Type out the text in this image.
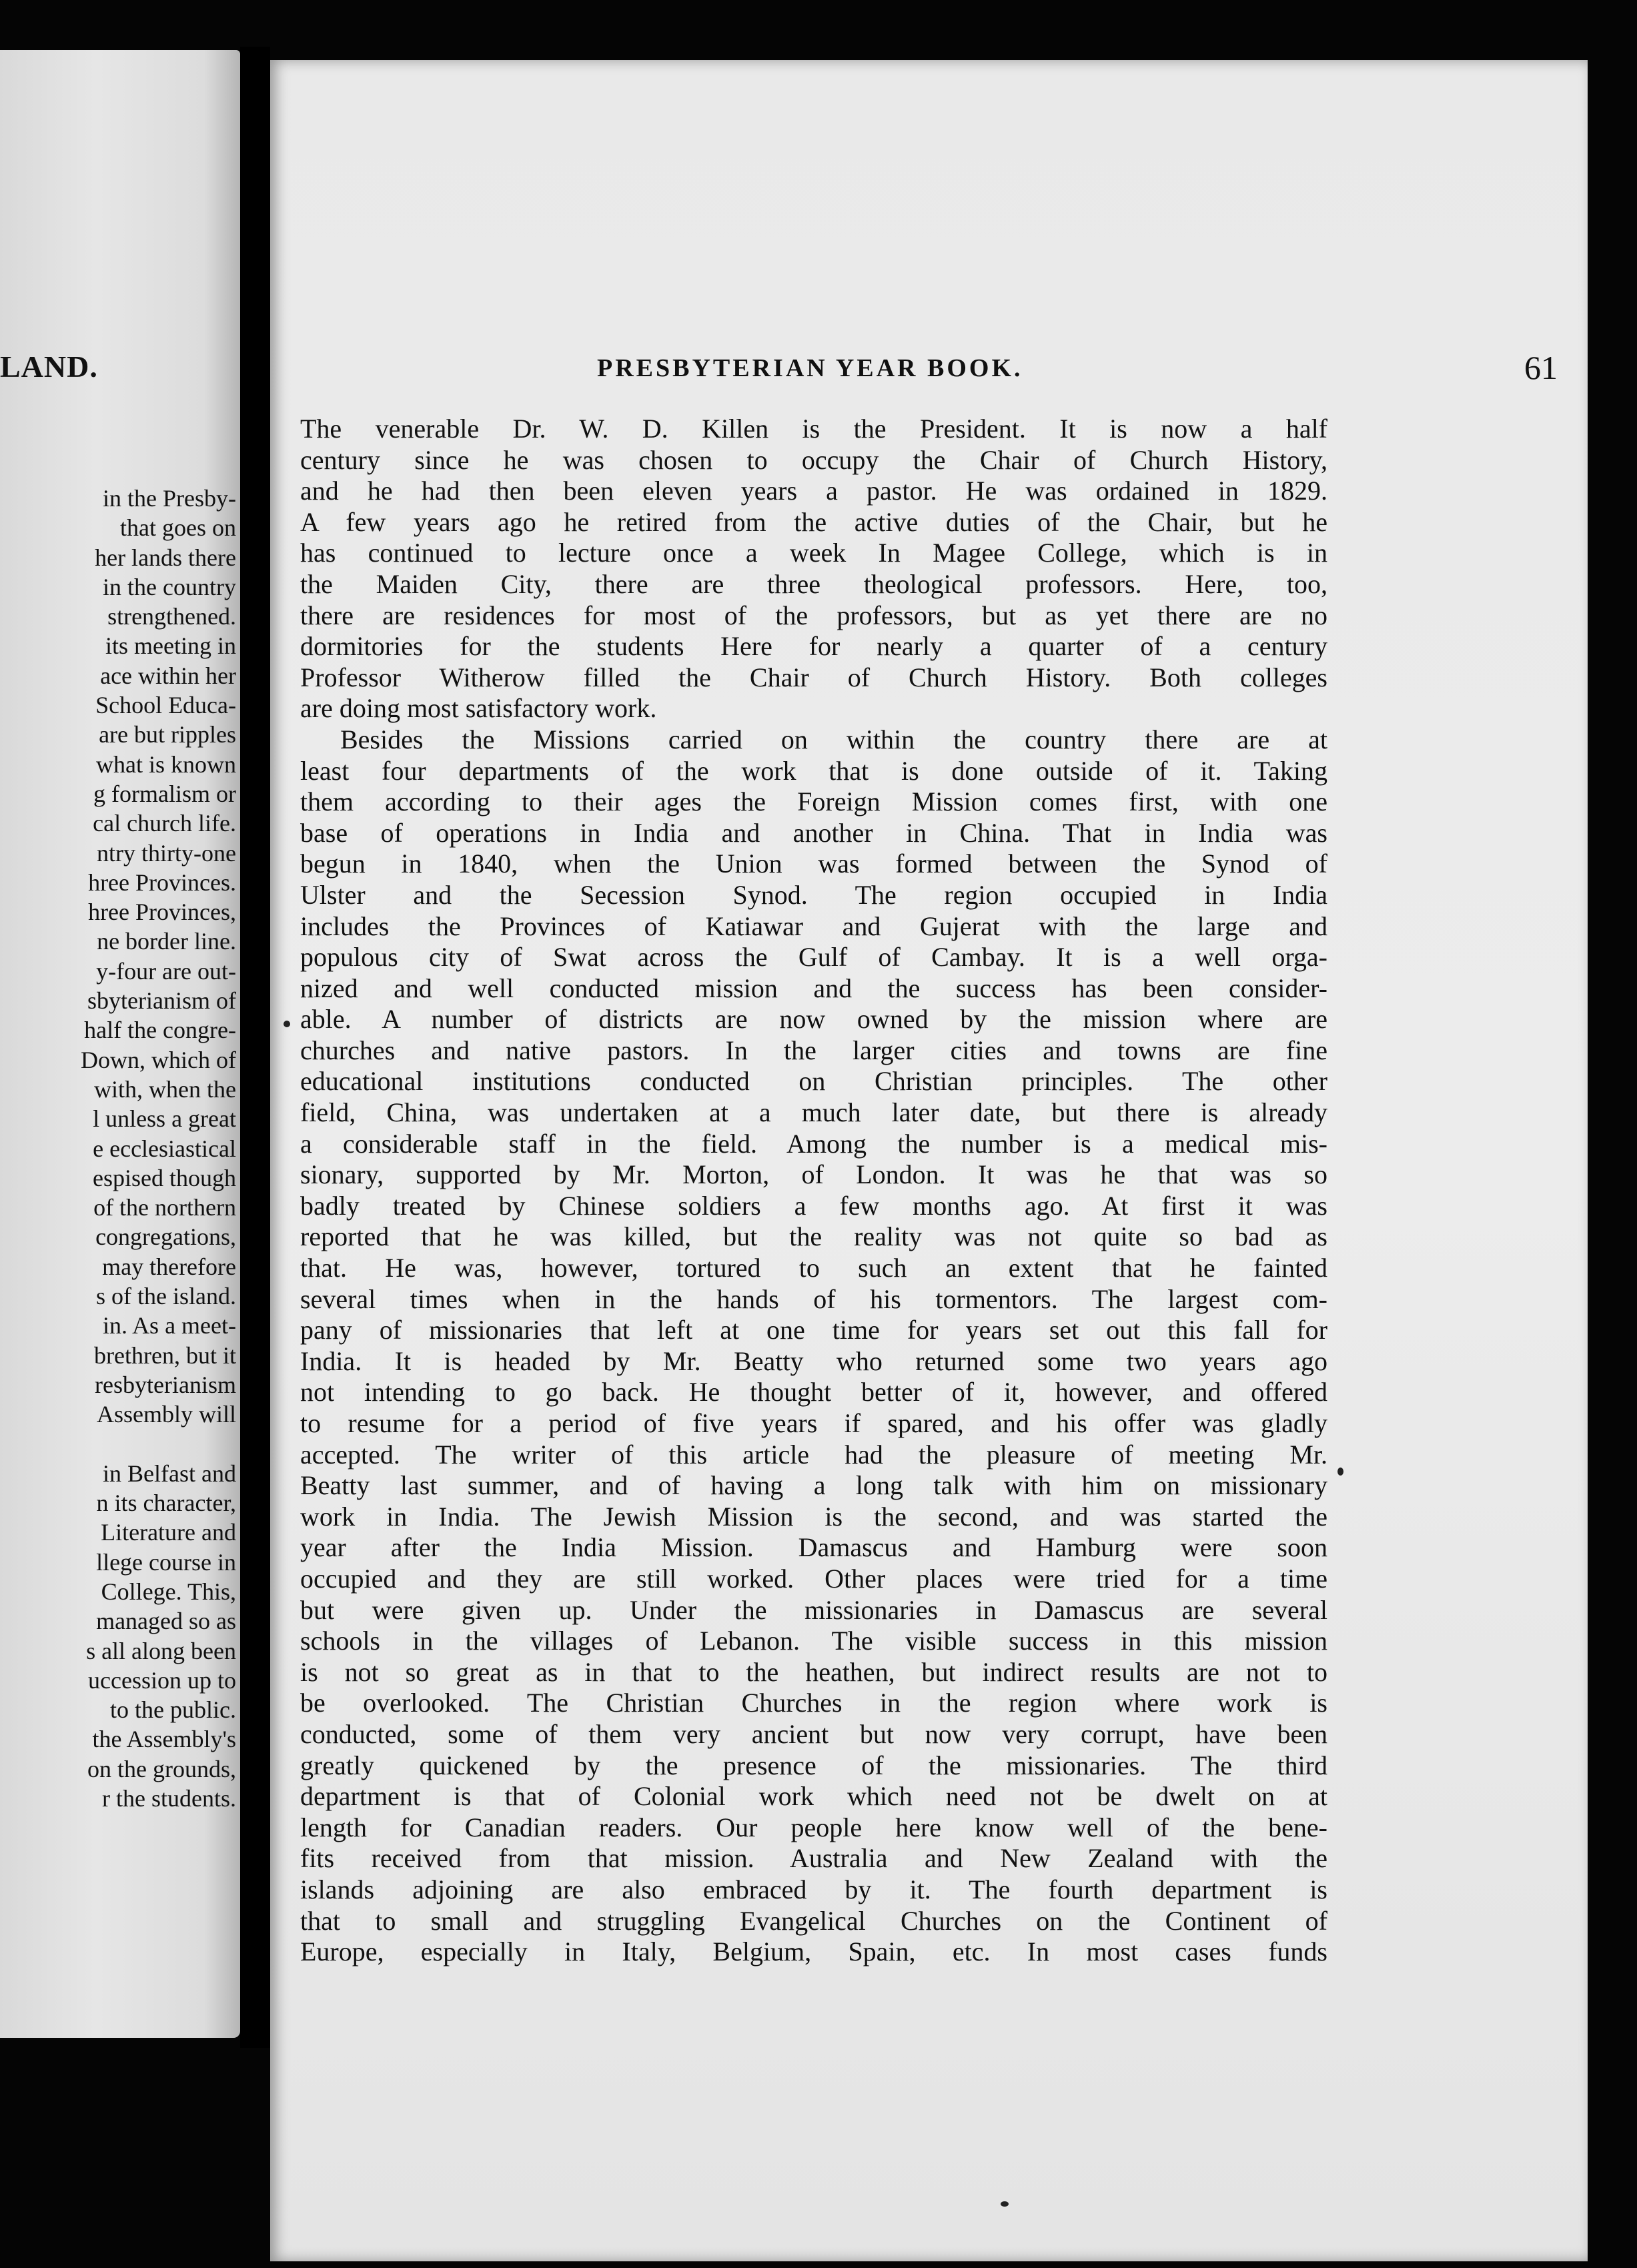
LAND.
in the Presby-
that goes on
her lands there
in the country
strengthened.
its meeting in
ace within her
School Educa-
are but ripples
what is known
g formalism or
cal church life.
ntry thirty-one
hree Provinces.
hree Provinces,
ne border line.
y-four are out-
sbyterianism of
half the congre-
Down, which of
with, when the
l unless a great
e ecclesiastical
espised though
of the northern
congregations,
may therefore
s of the island.
in. As a meet-
brethren, but it
resbyterianism
Assembly will
in Belfast and
n its character,
Literature and
llege course in
College. This,
managed so as
s all along been
uccession up to
to the public.
the Assembly's
on the grounds,
r the students.
PRESBYTERIAN YEAR BOOK.	61
The venerable Dr. W. D. Killen is the President. It is now a half
century since he was chosen to occupy the Chair of Church History,
and he had then been eleven years a pastor. He was ordained in 1829.
A few years ago he retired from the active duties of the Chair, but he
has continued to lecture once a week In Magee College, which is in
the Maiden City, there are three theological professors. Here, too,
there are residences for most of the professors, but as yet there are no
dormitories for the students Here for nearly a quarter of a century
Professor Witherow filled the Chair of Church History. Both colleges
are doing most satisfactory work.
Besides the Missions carried on within the country there are at
least four departments of the work that is done outside of it. Taking
them according to their ages the Foreign Mission comes first, with one
base of operations in India and another in China. That in India was
begun in 1840, when the Union was formed between the Synod of
Ulster and the Secession Synod. The region occupied in India
includes the Provinces of Katiawar and Gujerat with the large and
populous city of Swat across the Gulf of Cambay. It is a well orga-
nized and well conducted mission and the success has been consider-
able. A number of districts are now owned by the mission where are
churches and native pastors. In the larger cities and towns are fine
educational institutions conducted on Christian principles. The other
field, China, was undertaken at a much later date, but there is already
a considerable staff in the field. Among the number is a medical mis-
sionary, supported by Mr. Morton, of London. It was he that was so
badly treated by Chinese soldiers a few months ago. At first it was
reported that he was killed, but the reality was not quite so bad as
that. He was, however, tortured to such an extent that he fainted
several times when in the hands of his tormentors. The largest com-
pany of missionaries that left at one time for years set out this fall for
India. It is headed by Mr. Beatty who returned some two years ago
not intending to go back. He thought better of it, however, and offered
to resume for a period of five years if spared, and his offer was gladly
accepted. The writer of this article had the pleasure of meeting Mr.
Beatty last summer, and of having a long talk with him on missionary
work in India. The Jewish Mission is the second, and was started the
year after the India Mission. Damascus and Hamburg were soon
occupied and they are still worked. Other places were tried for a time
but were given up. Under the missionaries in Damascus are several
schools in the villages of Lebanon. The visible success in this mission
is not so great as in that to the heathen, but indirect results are not to
be overlooked. The Christian Churches in the region where work is
conducted, some of them very ancient but now very corrupt, have been
greatly quickened by the presence of the missionaries. The third
department is that of Colonial work which need not be dwelt on at
length for Canadian readers. Our people here know well of the bene-
fits received from that mission. Australia and New Zealand with the
islands adjoining are also embraced by it. The fourth department is
that to small and struggling Evangelical Churches on the Continent of
Europe, especially in Italy, Belgium, Spain, etc. In most cases funds
